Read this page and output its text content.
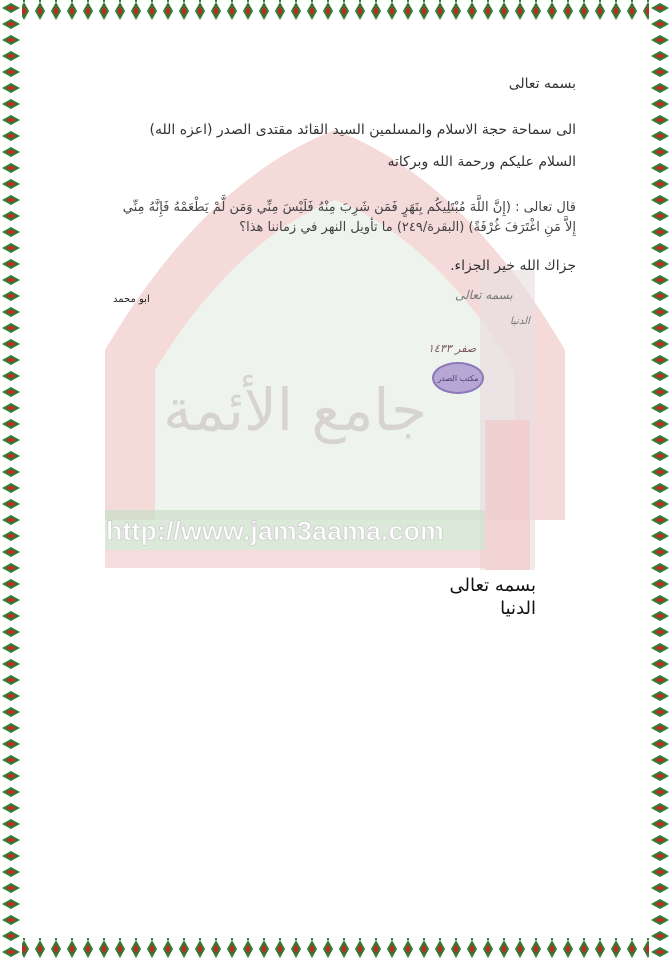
جامع الأئمة
http://www.jam3aama.com
بسمه تعالى
الى سماحة حجة الاسلام والمسلمين السيد القائد مقتدى الصدر (اعزه الله)
السلام عليكم ورحمة الله وبركاته
قال تعالى : (إِنَّ اللَّهَ مُبْتَلِيكُم بِنَهَرٍ فَمَن شَرِبَ مِنْهُ فَلَيْسَ مِنِّي وَمَن لَّمْ يَطْعَمْهُ فَإِنَّهُ مِنِّي
إِلاَّ مَنِ اغْتَرَفَ غُرْفَةً) (البقرة/٢٤٩) ما تأويل النهر في زماننا هذا؟
جزاك الله خير الجزاء.
ابو محمد	بسمه تعالى
الدنيا
صفر ١٤٣٣
مكتب الصدر
بسمه تعالى
الدنيا
